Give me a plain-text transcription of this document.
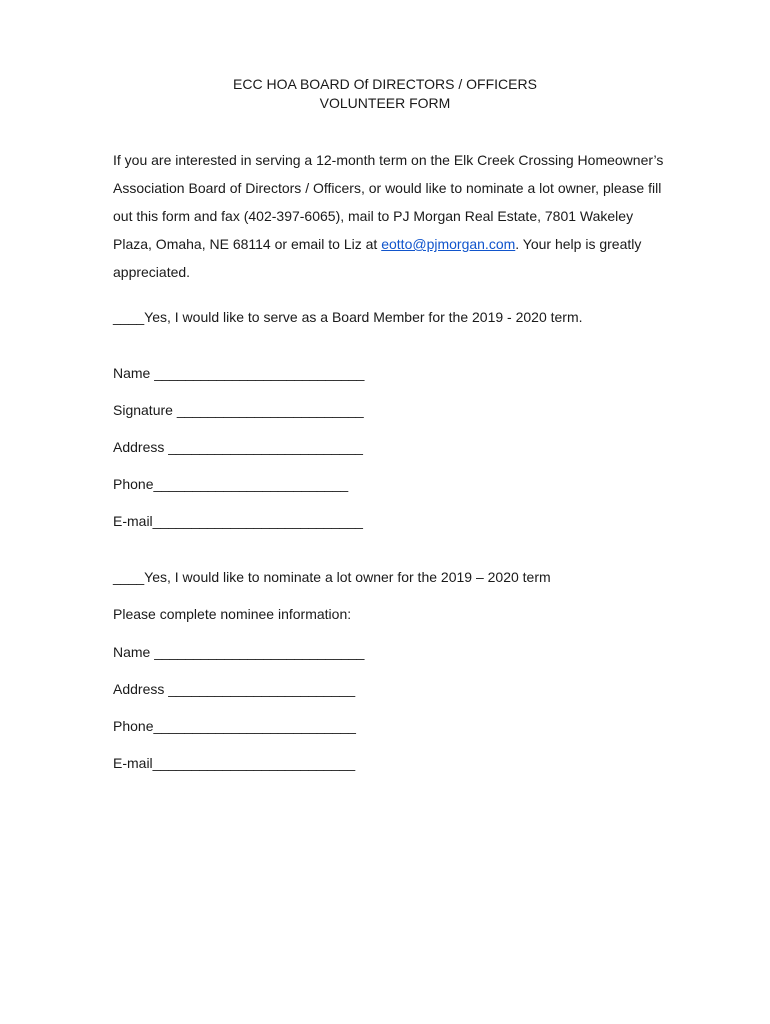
ECC HOA BOARD Of DIRECTORS / OFFICERS
VOLUNTEER FORM
If you are interested in serving a 12-month term on the Elk Creek Crossing Homeowner’s Association Board of Directors / Officers, or would like to nominate a lot owner, please fill out this form and fax (402-397-6065), mail to PJ Morgan Real Estate, 7801 Wakeley Plaza, Omaha, NE 68114 or email to Liz at eotto@pjmorgan.com. Your help is greatly appreciated.
____Yes, I would like to serve as a Board Member for the 2019 - 2020 term.
Name ___________________________
Signature ________________________
Address _________________________
Phone_________________________
E-mail___________________________
____Yes, I would like to nominate a lot owner for the 2019 – 2020 term
Please complete nominee information:
Name ___________________________
Address ________________________
Phone__________________________
E-mail__________________________
